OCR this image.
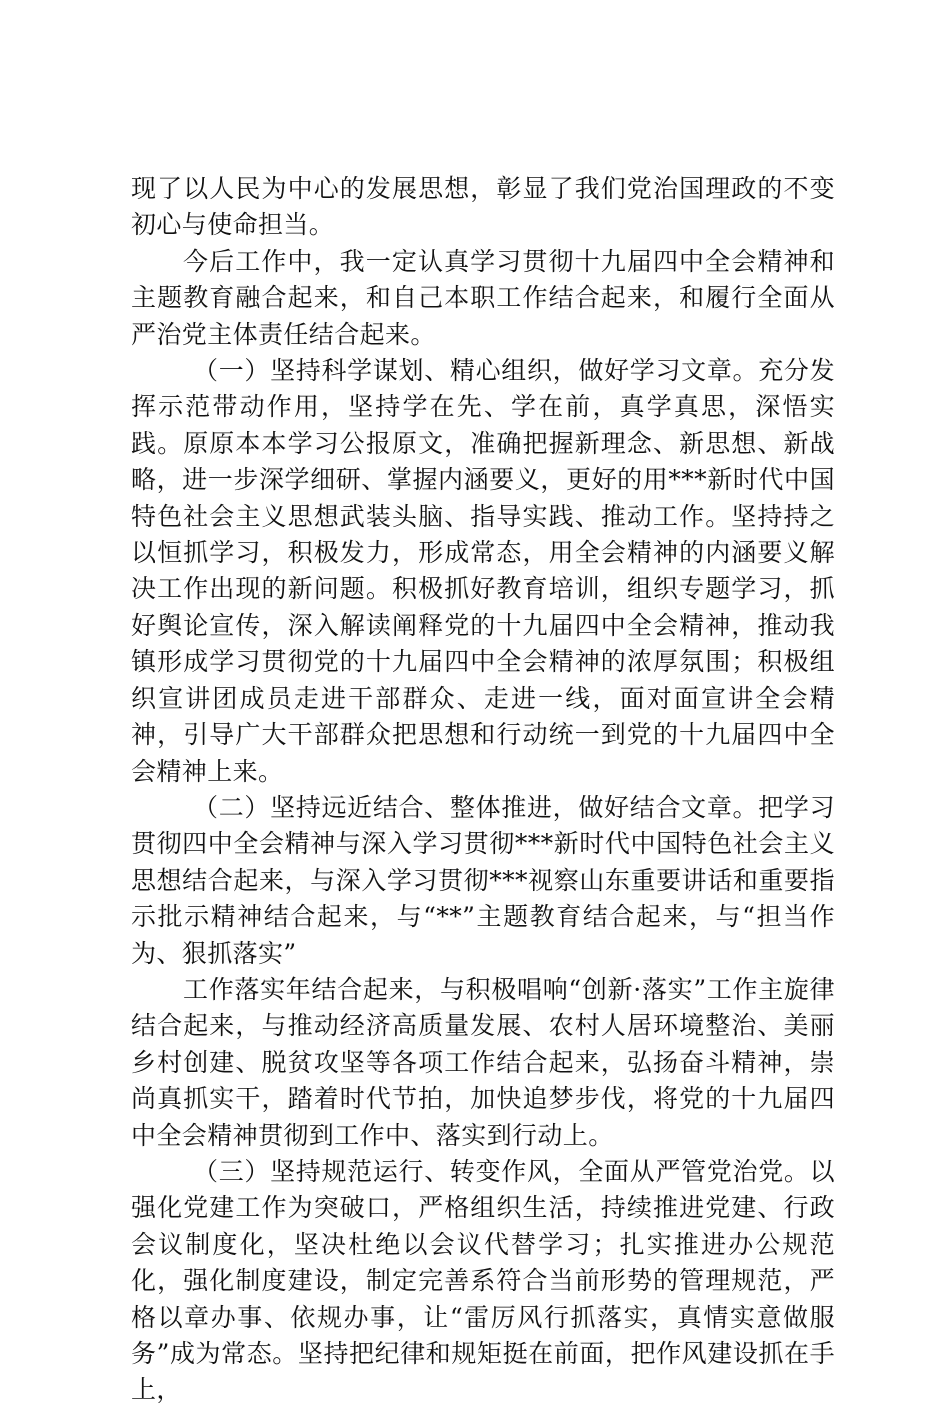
现了以人民为中心的发展思想，彰显了我们党治国理政的不变初心与使命担当。

今后工作中，我一定认真学习贯彻十九届四中全会精神和主题教育融合起来，和自己本职工作结合起来，和履行全面从严治党主体责任结合起来。

（一）坚持科学谋划、精心组织，做好学习文章。充分发挥示范带动作用，坚持学在先、学在前，真学真思，深悟实践。原原本本学习公报原文，准确把握新理念、新思想、新战略，进一步深学细研、掌握内涵要义，更好的用***新时代中国特色社会主义思想武装头脑、指导实践、推动工作。坚持持之以恒抓学习，积极发力，形成常态，用全会精神的内涵要义解决工作出现的新问题。积极抓好教育培训，组织专题学习，抓好舆论宣传，深入解读阐释党的十九届四中全会精神，推动我镇形成学习贯彻党的十九届四中全会精神的浓厚氛围；积极组织宣讲团成员走进干部群众、走进一线，面对面宣讲全会精神，引导广大干部群众把思想和行动统一到党的十九届四中全会精神上来。

（二）坚持远近结合、整体推进，做好结合文章。把学习贯彻四中全会精神与深入学习贯彻***新时代中国特色社会主义思想结合起来，与深入学习贯彻***视察山东重要讲话和重要指示批示精神结合起来，与“**”主题教育结合起来，与“担当作为、狠抓落实”

工作落实年结合起来，与积极唱响“创新·落实”工作主旋律结合起来，与推动经济高质量发展、农村人居环境整治、美丽乡村创建、脱贫攻坚等各项工作结合起来，弘扬奋斗精神，崇尚真抓实干，踏着时代节拍，加快追梦步伐，将党的十九届四中全会精神贯彻到工作中、落实到行动上。

（三）坚持规范运行、转变作风，全面从严管党治党。以强化党建工作为突破口，严格组织生活，持续推进党建、行政会议制度化，坚决杜绝以会议代替学习；扎实推进办公规范化，强化制度建设，制定完善系符合当前形势的管理规范，严格以章办事、依规办事，让“雷厉风行抓落实，真情实意做服务”成为常态。坚持把纪律和规矩挺在前面，把作风建设抓在手上，
